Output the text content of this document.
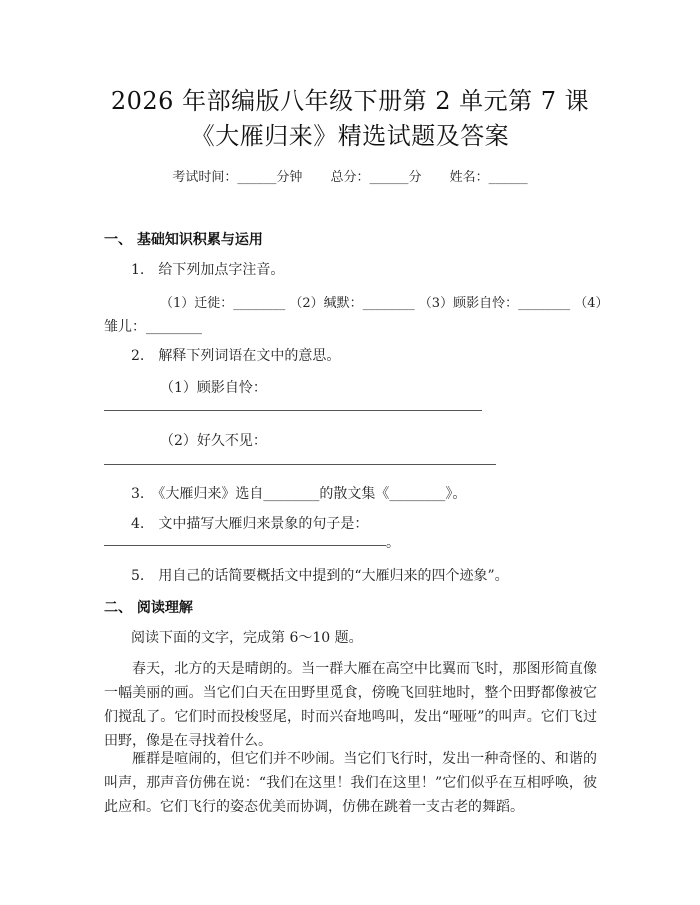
2026 年部编版八年级下册第 2 单元第 7 课
《大雁归来》精选试题及答案
考试时间：______分钟 总分：______分 姓名：______
一、 基础知识积累与运用
1.　给下列加点字注音。
（1）迁徙：________ （2）缄默：________ （3）顾影自怜：________ （4）
雏儿：________
2.　解释下列词语在文中的意思。
（1）顾影自怜：
（2）好久不见：
3.　《大雁归来》选自________的散文集《________》。
4.　文中描写大雁归来景象的句子是：
。
5.　用自己的话简要概括文中提到的“大雁归来的四个迹象”。
二、 阅读理解
阅读下面的文字，完成第 6～10 题。
春天，北方的天是晴朗的。当一群大雁在高空中比翼而飞时，那图形简直像一幅美丽的画。当它们白天在田野里觅食，傍晚飞回驻地时，整个田野都像被它们搅乱了。它们时而投梭竖尾，时而兴奋地鸣叫，发出“哑哑”的叫声。它们飞过田野，像是在寻找着什么。
雁群是喧闹的，但它们并不吵闹。当它们飞行时，发出一种奇怪的、和谐的叫声，那声音仿佛在说：“我们在这里！我们在这里！”它们似乎在互相呼唤，彼此应和。它们飞行的姿态优美而协调，仿佛在跳着一支古老的舞蹈。
